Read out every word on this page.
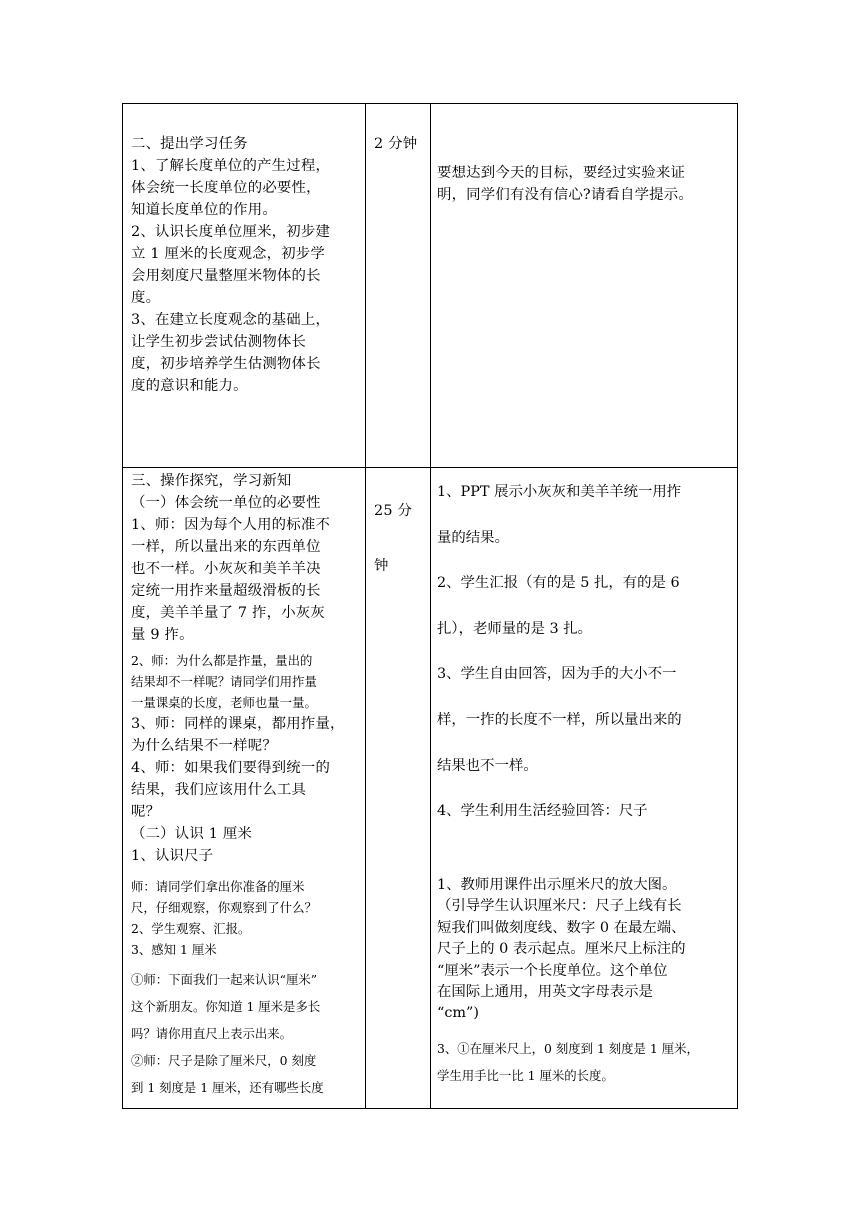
二、提出学习任务

1、了解长度单位的产生过程，

体会统一长度单位的必要性，

知道长度单位的作用。

2、认识长度单位厘米，初步建

立 1 厘米的长度观念，初步学

会用刻度尺量整厘米物体的长

度。

3、在建立长度观念的基础上，

让学生初步尝试估测物体长

度，初步培养学生估测物体长

度的意识和能力。

2 分钟

要想达到今天的目标，要经过实验来证

明，同学们有没有信心?请看自学提示。

三、操作探究，学习新知

（一）体会统一单位的必要性

1、师：因为每个人用的标准不

一样，所以量出来的东西单位

也不一样。小灰灰和美羊羊决

定统一用拃来量超级滑板的长

度，美羊羊量了 7 拃，小灰灰

量 9 拃。

2、师：为什么都是拃量，量出的

结果却不一样呢？请同学们用拃量

一量课桌的长度，老师也量一量。

3、师：同样的课桌，都用拃量，

为什么结果不一样呢？

4、师：如果我们要得到统一的

结果，我们应该用什么工具

呢？

（二）认识 1 厘米

1、认识尺子

师：请同学们拿出你准备的厘米

尺，仔细观察，你观察到了什么？

2、学生观察、汇报。

3、感知 1 厘米

①师：下面我们一起来认识“厘米”

这个新朋友。你知道 1 厘米是多长

吗？请你用直尺上表示出来。

②师：尺子是除了厘米尺，0 刻度

到 1 刻度是 1 厘米，还有哪些长度

25 分

钟

1、PPT 展示小灰灰和美羊羊统一用拃

量的结果。

2、学生汇报（有的是 5 扎，有的是 6

扎），老师量的是 3 扎。

3、学生自由回答，因为手的大小不一

样，一拃的长度不一样，所以量出来的

结果也不一样。

4、学生利用生活经验回答：尺子

1、教师用课件出示厘米尺的放大图。

（引导学生认识厘米尺：尺子上线有长

短我们叫做刻度线、数字 0 在最左端、

尺子上的 0 表示起点。厘米尺上标注的

“厘米”表示一个长度单位。这个单位

在国际上通用，用英文字母表示是

“cm”)

3、①在厘米尺上，0 刻度到 1 刻度是 1 厘米，

学生用手比一比 1 厘米的长度。
